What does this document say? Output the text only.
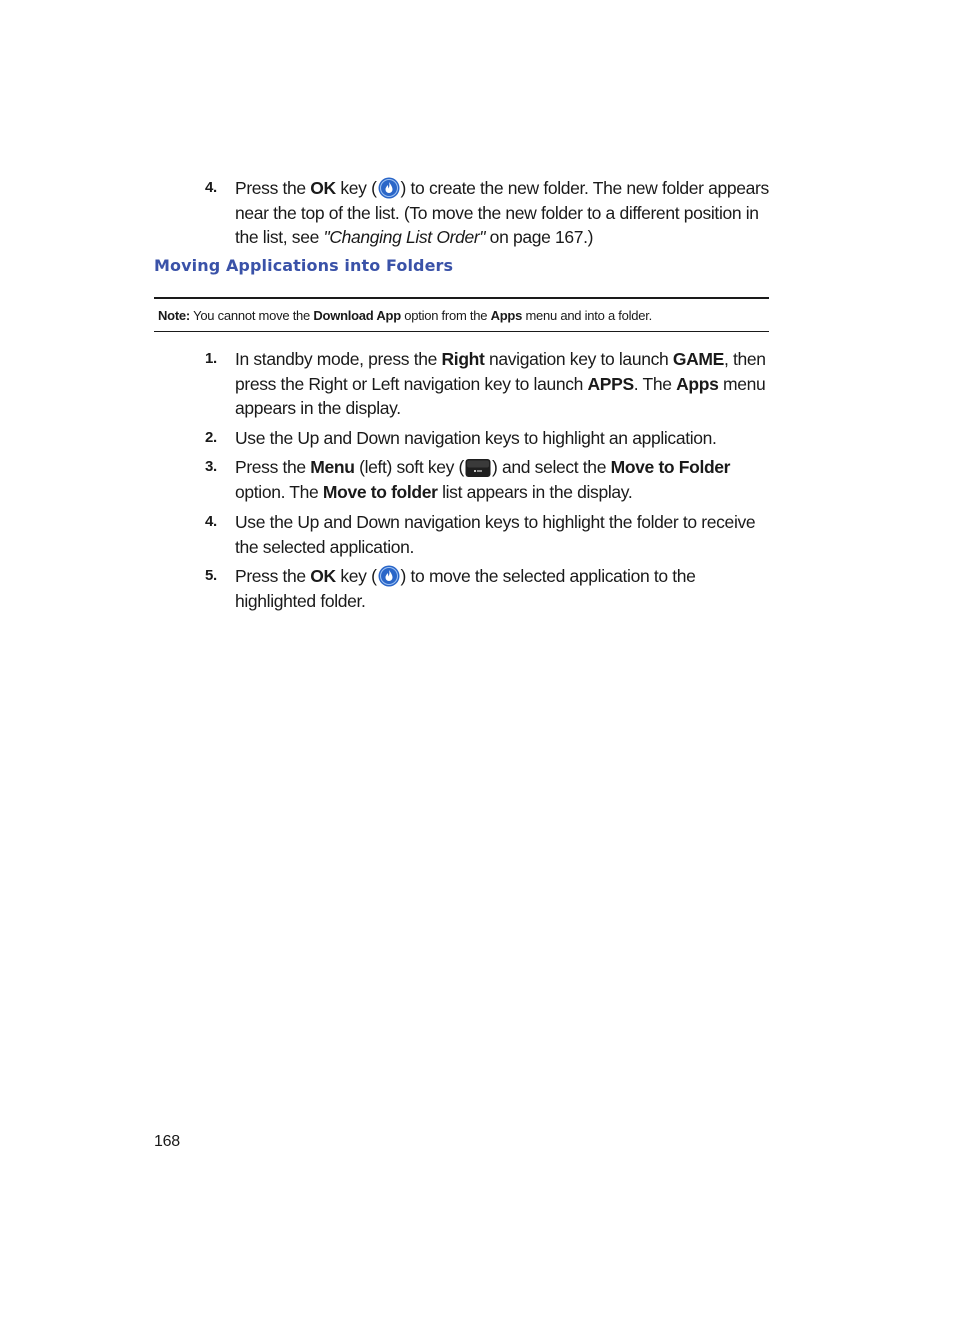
4. Press the OK key ( ) to create the new folder. The new folder appears near the top of the list. (To move the new folder to a different position in the list, see "Changing List Order" on page 167.)
Moving Applications into Folders
Note: You cannot move the Download App option from the Apps menu and into a folder.
1. In standby mode, press the Right navigation key to launch GAME, then press the Right or Left navigation key to launch APPS. The Apps menu appears in the display.
2. Use the Up and Down navigation keys to highlight an application.
3. Press the Menu (left) soft key ( ) and select the Move to Folder option. The Move to folder list appears in the display.
4. Use the Up and Down navigation keys to highlight the folder to receive the selected application.
5. Press the OK key ( ) to move the selected application to the highlighted folder.
168
